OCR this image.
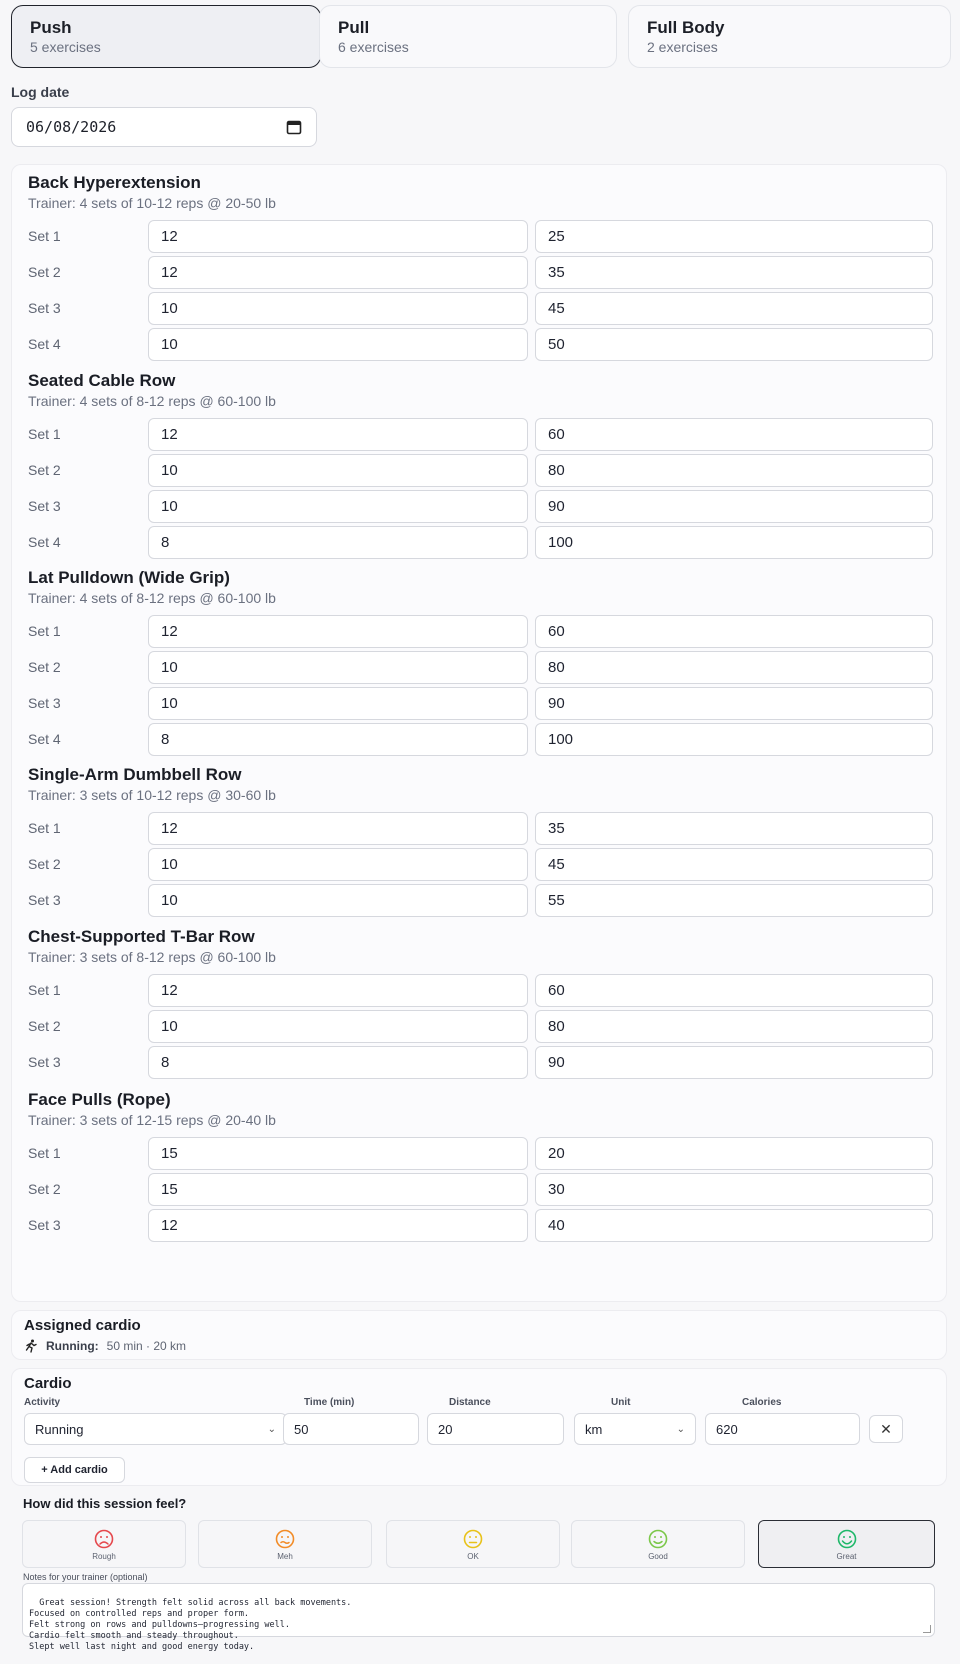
Push
5 exercises
Pull
6 exercises
Full Body
2 exercises
Log date
06/08/2026
Back Hyperextension
Trainer: 4 sets of 10-12 reps @ 20-50 lb
Set 1	12	25
Set 2	12	35
Set 3	10	45
Set 4	10	50
Seated Cable Row
Trainer: 4 sets of 8-12 reps @ 60-100 lb
Set 1	12	60
Set 2	10	80
Set 3	10	90
Set 4	8	100
Lat Pulldown (Wide Grip)
Trainer: 4 sets of 8-12 reps @ 60-100 lb
Set 1	12	60
Set 2	10	80
Set 3	10	90
Set 4	8	100
Single-Arm Dumbbell Row
Trainer: 3 sets of 10-12 reps @ 30-60 lb
Set 1	12	35
Set 2	10	45
Set 3	10	55
Chest-Supported T-Bar Row
Trainer: 3 sets of 8-12 reps @ 60-100 lb
Set 1	12	60
Set 2	10	80
Set 3	8	90
Face Pulls (Rope)
Trainer: 3 sets of 12-15 reps @ 20-40 lb
Set 1	15	20
Set 2	15	30
Set 3	12	40
Assigned cardio
Running: 50 min · 20 km
Cardio
Activity	Time (min)	Distance	Unit	Calories
Running	⌄ 50	20	km	⌄ 620	✕
+ Add cardio
How did this session feel?
Rough	Meh	OK	Good	Great
Notes for your trainer (optional)

Great session! Strength felt solid across all back movements.
Focused on controlled reps and proper form.
Felt strong on rows and pulldowns—progressing well.
Cardio felt smooth and steady throughout.
Slept well last night and good energy today.
